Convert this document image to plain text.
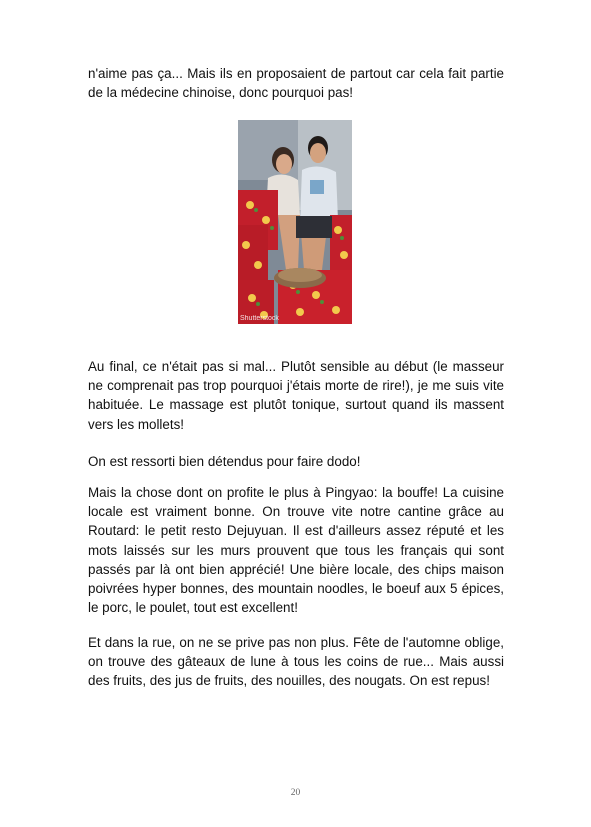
n'aime pas ça... Mais ils en proposaient de partout car cela fait partie de la médecine chinoise, donc pourquoi pas!

Shutterstock

Au final, ce n'était pas si mal... Plutôt sensible au début (le masseur ne comprenait pas trop pourquoi j'étais morte de rire!), je me suis vite habituée. Le massage est plutôt tonique, surtout quand ils massent vers les mollets!

On est ressorti bien détendus pour faire dodo!

Mais la chose dont on profite le plus à Pingyao: la bouffe! La cuisine locale est vraiment bonne. On trouve vite notre cantine grâce au Routard: le petit resto Dejuyuan. Il est d'ailleurs assez réputé et les mots laissés sur les murs prouvent que tous les français qui sont passés par là ont bien apprécié! Une bière locale, des chips maison poivrées hyper bonnes, des mountain noodles, le boeuf aux 5 épices, le porc, le poulet, tout est excellent!

Et dans la rue, on ne se prive pas non plus. Fête de l'automne oblige, on trouve des gâteaux de lune à tous les coins de rue... Mais aussi des fruits, des jus de fruits, des nouilles, des nougats. On est repus!

20
